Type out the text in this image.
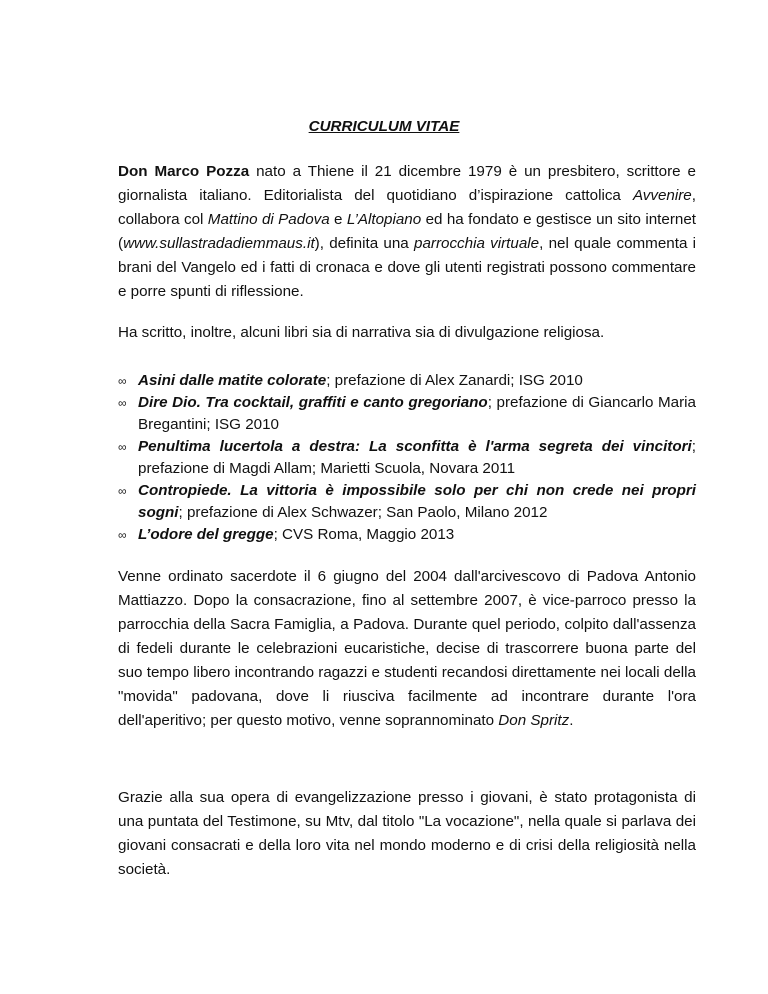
CURRICULUM VITAE

Don Marco Pozza nato a Thiene il 21 dicembre 1979 è un presbitero, scrittore e giornalista italiano. Editorialista del quotidiano d’ispirazione cattolica Avvenire, collabora col Mattino di Padova e L’Altopiano ed ha fondato e gestisce un sito internet (www.sullastradadiemmaus.it), definita una parrocchia virtuale, nel quale commenta i brani del Vangelo ed i fatti di cronaca e dove gli utenti registrati possono commentare e porre spunti di riflessione.

Ha scritto, inoltre, alcuni libri sia di narrativa sia di divulgazione religiosa.

∞ Asini dalle matite colorate; prefazione di Alex Zanardi; ISG 2010
∞ Dire Dio. Tra cocktail, graffiti e canto gregoriano; prefazione di Giancarlo Maria Bregantini; ISG 2010
∞ Penultima lucertola a destra: La sconfitta è l'arma segreta dei vincitori; prefazione di Magdi Allam; Marietti Scuola, Novara 2011
∞ Contropiede. La vittoria è impossibile solo per chi non crede nei propri sogni; prefazione di Alex Schwazer; San Paolo, Milano 2012
∞ L’odore del gregge; CVS Roma, Maggio 2013

Venne ordinato sacerdote il 6 giugno del 2004 dall'arcivescovo di Padova Antonio Mattiazzo. Dopo la consacrazione, fino al settembre 2007, è vice-parroco presso la parrocchia della Sacra Famiglia, a Padova. Durante quel periodo, colpito dall'assenza di fedeli durante le celebrazioni eucaristiche, decise di trascorrere buona parte del suo tempo libero incontrando ragazzi e studenti recandosi direttamente nei locali della "movida" padovana, dove li riusciva facilmente ad incontrare durante l'ora dell'aperitivo; per questo motivo, venne soprannominato Don Spritz.

Grazie alla sua opera di evangelizzazione presso i giovani, è stato protagonista di una puntata del Testimone, su Mtv, dal titolo "La vocazione", nella quale si parlava dei giovani consacrati e della loro vita nel mondo moderno e di crisi della religiosità nella società.
